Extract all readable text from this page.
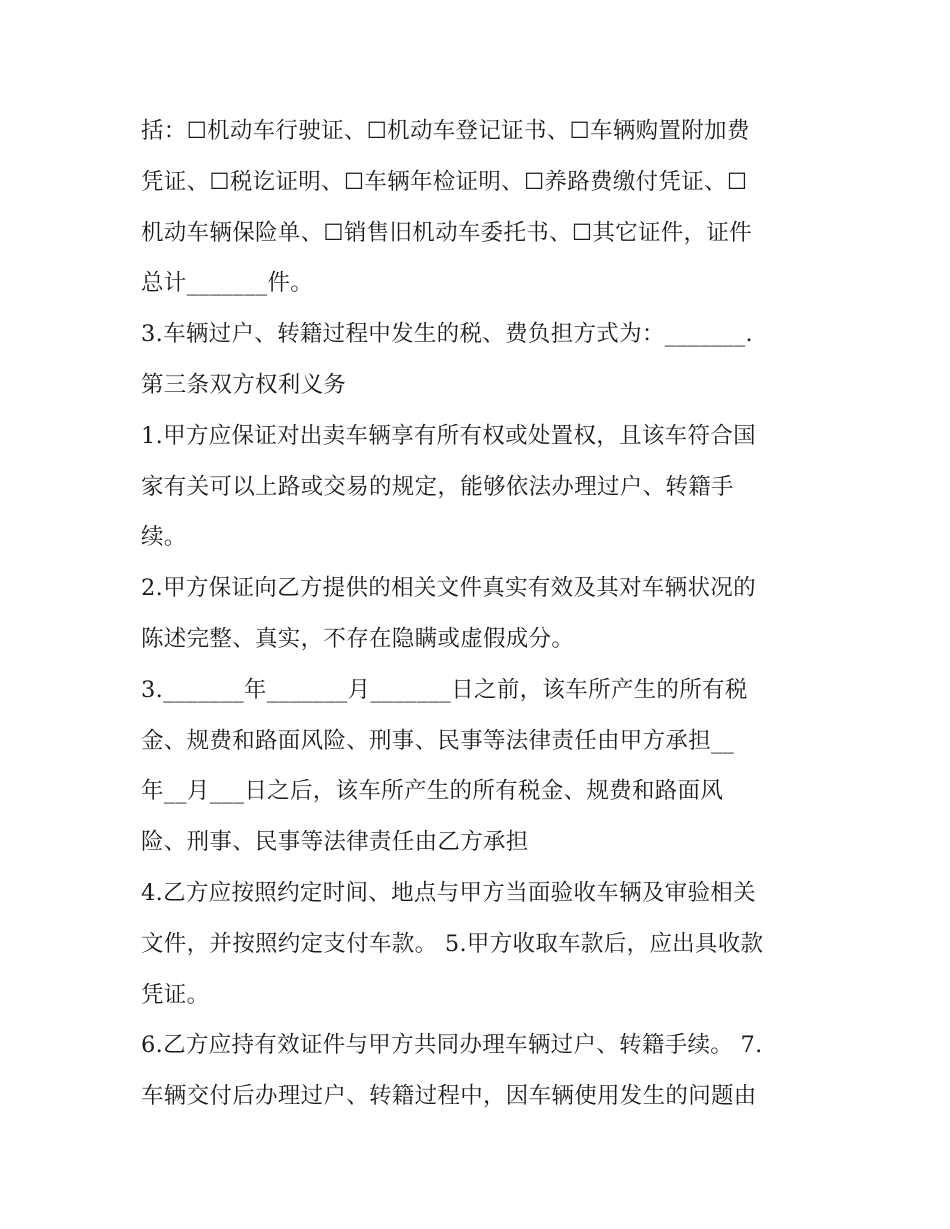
括：☐机动车行驶证、☐机动车登记证书、☐车辆购置附加费
凭证、☐税讫证明、☐车辆年检证明、☐养路费缴付凭证、☐
机动车辆保险单、☐销售旧机动车委托书、☐其它证件，证件
总计_______件。
3.车辆过户、转籍过程中发生的税、费负担方式为：_______.
第三条双方权利义务
1.甲方应保证对出卖车辆享有所有权或处置权，且该车符合国
家有关可以上路或交易的规定，能够依法办理过户、转籍手
续。
2.甲方保证向乙方提供的相关文件真实有效及其对车辆状况的
陈述完整、真实，不存在隐瞒或虚假成分。
3._______年_______月_______日之前，该车所产生的所有税
金、规费和路面风险、刑事、民事等法律责任由甲方承担__
年__月___日之后，该车所产生的所有税金、规费和路面风
险、刑事、民事等法律责任由乙方承担
4.乙方应按照约定时间、地点与甲方当面验收车辆及审验相关
文件，并按照约定支付车款。 5.甲方收取车款后，应出具收款
凭证。
6.乙方应持有效证件与甲方共同办理车辆过户、转籍手续。 7.
车辆交付后办理过户、转籍过程中，因车辆使用发生的问题由
